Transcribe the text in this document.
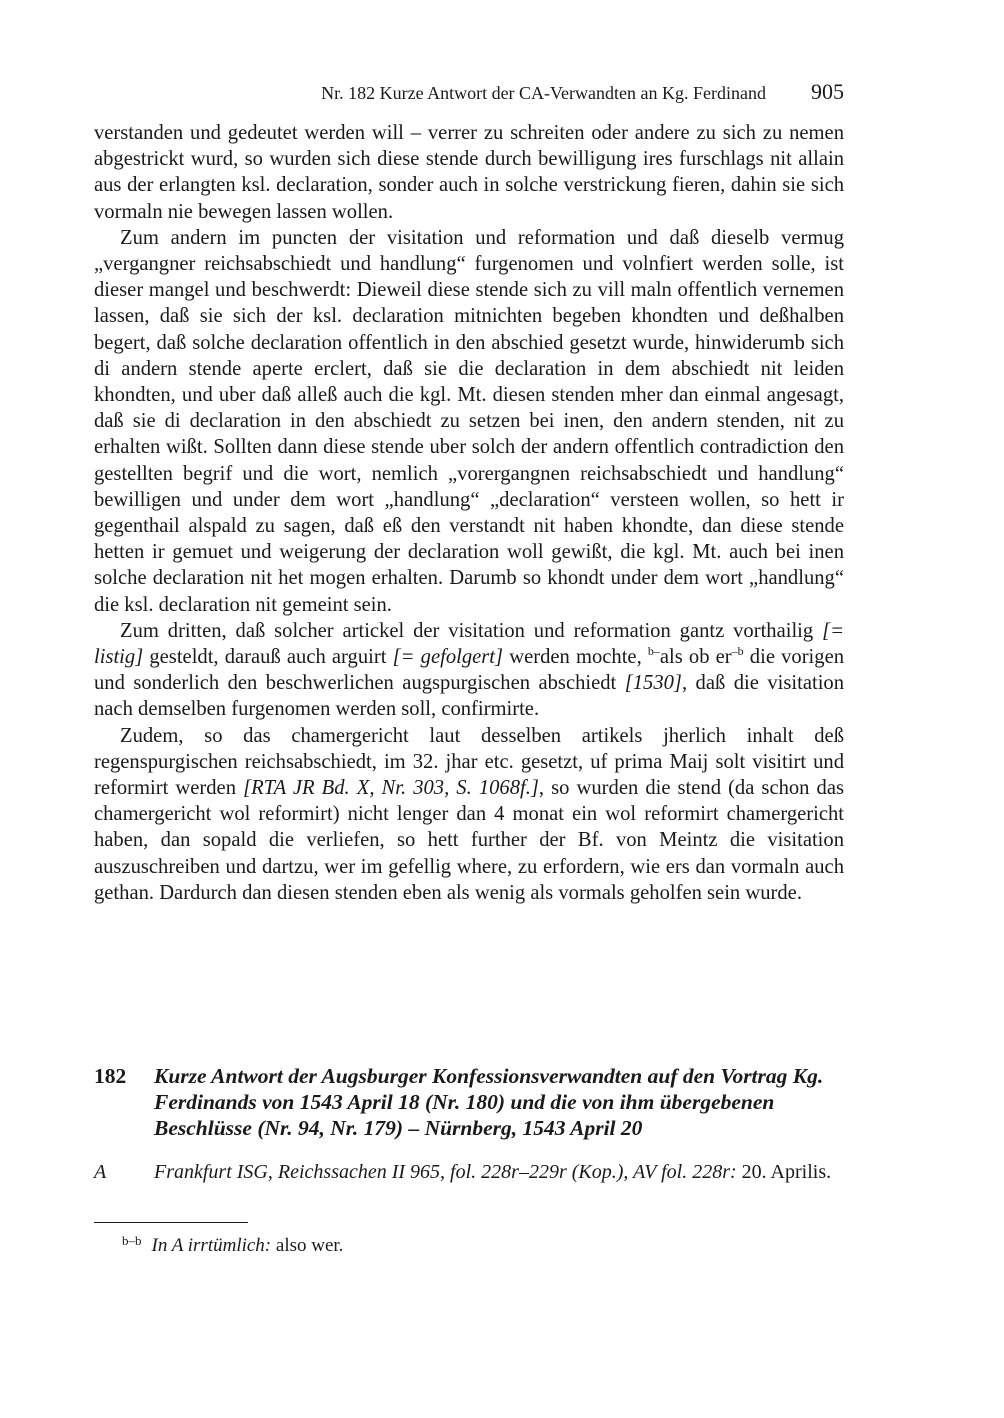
Nr. 182 Kurze Antwort der CA-Verwandten an Kg. Ferdinand 905

verstanden und gedeutet werden will – verrer zu schreiten oder andere zu sich zu nemen abgestrickt wurd, so wurden sich diese stende durch bewilligung ires furschlags nit allain aus der erlangten ksl. declaration, sonder auch in solche verstrickung fieren, dahin sie sich vormaln nie bewegen lassen wollen.

Zum andern im puncten der visitation und reformation und daß dieselb vermug „vergangner reichsabschiedt und handlung“ furgenomen und volnfiert werden solle, ist dieser mangel und beschwerdt: Dieweil diese stende sich zu vill maln offentlich vernemen lassen, daß sie sich der ksl. declaration mitnichten begeben khondten und deßhalben begert, daß solche declaration offentlich in den abschied gesetzt wurde, hinwiderumb sich di andern stende aperte erclert, daß sie die declaration in dem abschiedt nit leiden khondten, und uber daß alleß auch die kgl. Mt. diesen stenden mher dan einmal angesagt, daß sie di declaration in den abschiedt zu setzen bei inen, den andern stenden, nit zu erhalten wißt. Sollten dann diese stende uber solch der andern offentlich contradiction den gestellten begrif und die wort, nemlich „vorergangnen reichsabschiedt und handlung“ bewilligen und under dem wort „handlung“ „declaration“ versteen wollen, so hett ir gegenthail alspald zu sagen, daß eß den verstandt nit haben khondte, dan diese stende hetten ir gemuet und weigerung der declaration woll gewißt, die kgl. Mt. auch bei inen solche declaration nit het mogen erhalten. Darumb so khondt under dem wort „handlung“ die ksl. declaration nit gemeint sein.

Zum dritten, daß solcher artickel der visitation und reformation gantz vorthailig [= listig] gesteldt, darauß auch arguirt [= gefolgert] werden mochte, $^{b-}$als ob $er^{-b}$ die vorigen und sonderlich den beschwerlichen augspurgischen abschiedt [1530], daß die visitation nach demselben furgenomen werden soll, confirmirte.

Zudem, so das chamergericht laut desselben artikels jherlich inhalt deß regenspurgischen reichsabschiedt, im 32. jhar etc. gesetzt, uf prima Maij solt visitirt und reformirt werden [RTA JR Bd. X, Nr. 303, S. 1068f.], so wurden die stend (da schon das chamergericht wol reformirt) nicht lenger dan 4 monat ein wol reformirt chamergericht haben, dan sopald die verliefen, so hett further der Bf. von Meintz die visitation auszuschreiben und dartzu, wer im gefellig where, zu erfordern, wie ers dan vormaln auch gethan. Dardurch dan diesen stenden eben als wenig als vormals geholfen sein wurde.

182 Kurze Antwort der Augsburger Konfessionsverwandten auf den Vortrag Kg. Ferdinands von 1543 April 18 (Nr. 180) und die von ihm übergebenen Beschlüsse (Nr. 94, Nr. 179) – Nürnberg, 1543 April 20
A Frankfurt ISG, Reichssachen II 965, fol. 228r–229r (Kop.), AV fol. 228r: 20. Aprilis.
$^{b-b}$ In A irrtümlich: also wer.
